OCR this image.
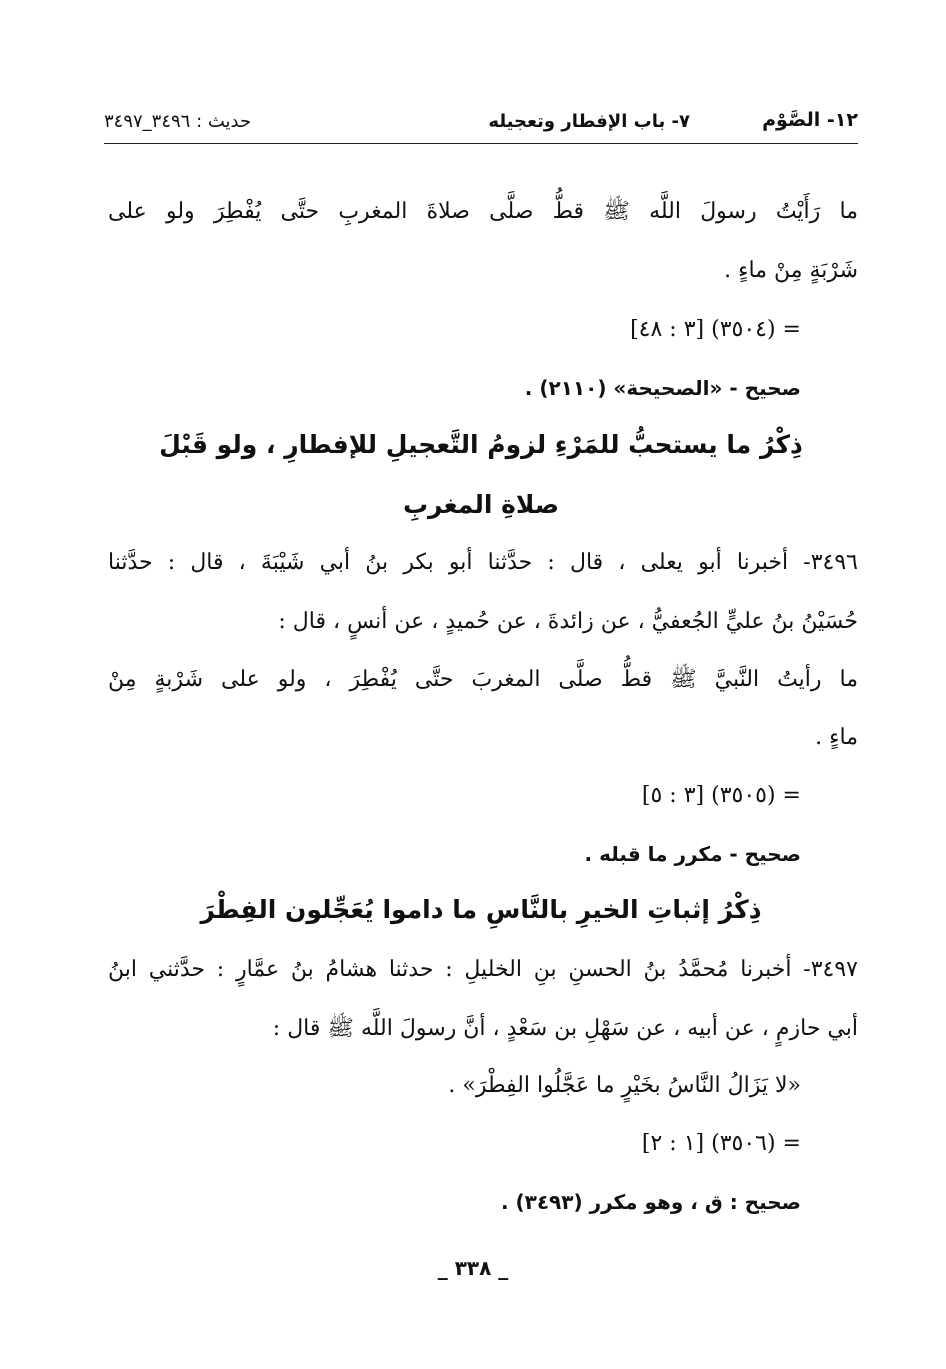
١٢- الصَّوْم
٧- باب الإفطار وتعجيله
حديث : ٣٤٩٦_٣٤٩٧
ما رَأَيْتُ رسولَ اللَّه ﷺ قطُّ صلَّى صلاةَ المغربِ حتَّى يُفْطِرَ ولو على
شَرْبَةٍ مِنْ ماءٍ .
= (٣٥٠٤) [٣ : ٤٨]
صحيح - «الصحيحة» (٢١١٠) .
ذِكْرُ ما يستحبُّ للمَرْءِ لزومُ التَّعجيلِ للإفطارِ ، ولو قَبْلَ
صلاةِ المغربِ
٣٤٩٦- أخبرنا أبو يعلى ، قال : حدَّثنا أبو بكر بنُ أبي شَيْبَةَ ، قال : حدَّثنا
حُسَيْنُ بنُ عليٍّ الجُعفيُّ ، عن زائدةَ ، عن حُميدٍ ، عن أنسٍ ، قال :
ما رأيتُ النَّبيَّ ﷺ قطُّ صلَّى المغربَ حتَّى يُفْطِرَ ، ولو على شَرْبةٍ مِنْ
ماءٍ .
= (٣٥٠٥) [٣ : ٥]
صحيح - مكرر ما قبله .
ذِكْرُ إثباتِ الخيرِ بالنَّاسِ ما داموا يُعَجِّلون الفِطْرَ
٣٤٩٧- أخبرنا مُحمَّدُ بنُ الحسنِ بنِ الخليلِ : حدثنا هشامُ بنُ عمَّارٍ : حدَّثني ابنُ
أبي حازمٍ ، عن أبيه ، عن سَهْلِ بن سَعْدٍ ، أنَّ رسولَ اللَّه ﷺ قال :
«لا يَزَالُ النَّاسُ بخَيْرٍ ما عَجَّلُوا الفِطْرَ» .
= (٣٥٠٦) [١ : ٢]
صحيح : ق ، وهو مكرر (٣٤٩٣) .
_ ٣٣٨ _
